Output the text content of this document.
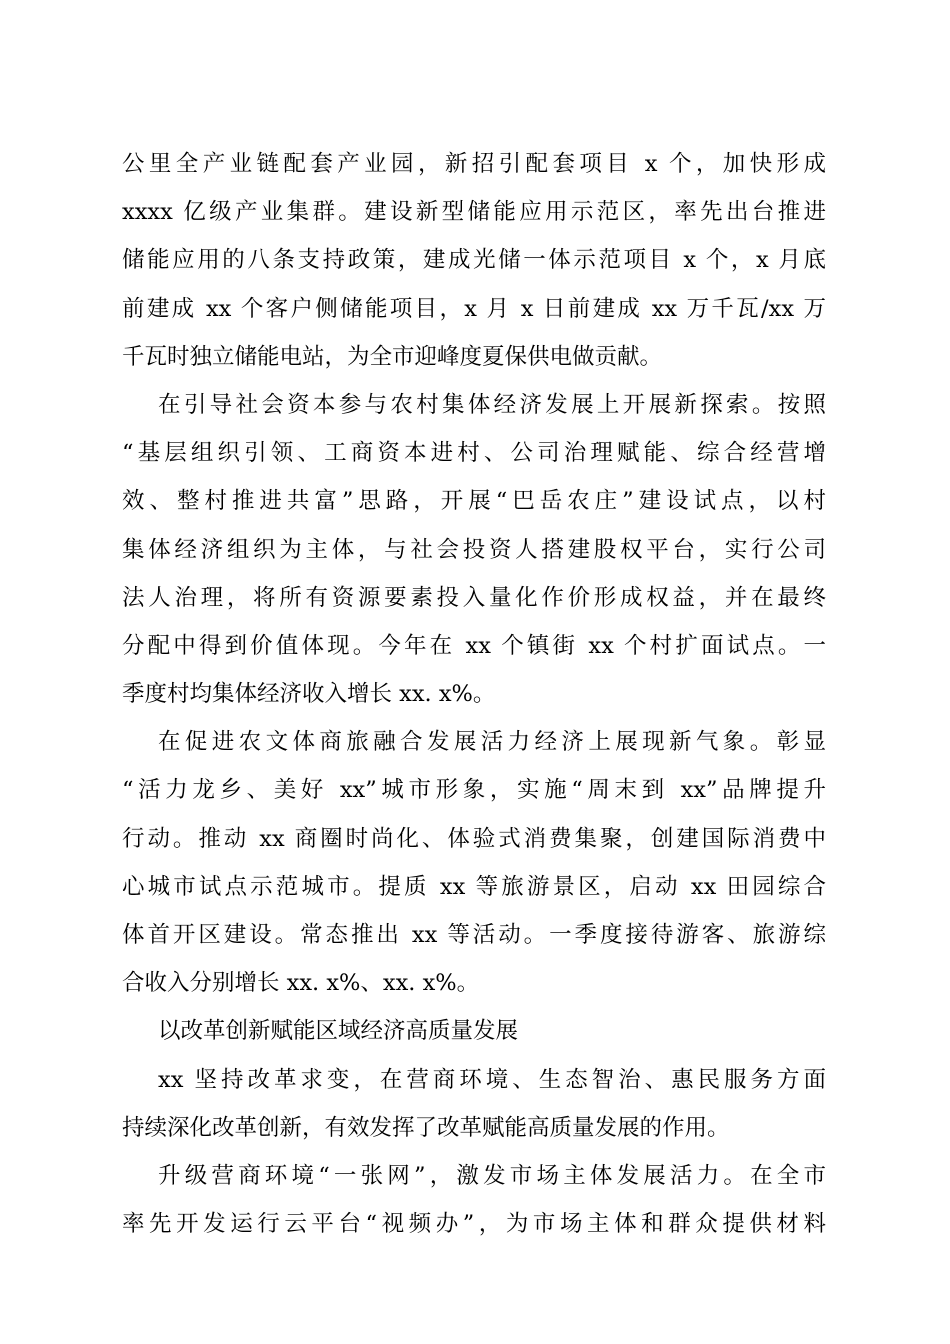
公里全产业链配套产业园，新招引配套项目 x 个，加快形成
xxxx 亿级产业集群。建设新型储能应用示范区，率先出台推进
储能应用的八条支持政策，建成光储一体示范项目 x 个，x 月底
前建成 xx 个客户侧储能项目，x 月 x 日前建成 xx 万千瓦/xx 万
千瓦时独立储能电站，为全市迎峰度夏保供电做贡献。
在引导社会资本参与农村集体经济发展上开展新探索。按照
“基层组织引领、工商资本进村、公司治理赋能、综合经营增
效、整村推进共富”思路，开展“巴岳农庄”建设试点，以村
集体经济组织为主体，与社会投资人搭建股权平台，实行公司
法人治理，将所有资源要素投入量化作价形成权益，并在最终
分配中得到价值体现。今年在 xx 个镇街 xx 个村扩面试点。一
季度村均集体经济收入增长 xx. x%。
在促进农文体商旅融合发展活力经济上展现新气象。彰显
“活力龙乡、美好 xx”城市形象，实施“周末到 xx”品牌提升
行动。推动 xx 商圈时尚化、体验式消费集聚，创建国际消费中
心城市试点示范城市。提质 xx 等旅游景区，启动 xx 田园综合
体首开区建设。常态推出 xx 等活动。一季度接待游客、旅游综
合收入分别增长 xx. x%、xx. x%。
以改革创新赋能区域经济高质量发展
xx 坚持改革求变，在营商环境、生态智治、惠民服务方面
持续深化改革创新，有效发挥了改革赋能高质量发展的作用。
升级营商环境“一张网”，激发市场主体发展活力。在全市
率先开发运行云平台“视频办”，为市场主体和群众提供材料
